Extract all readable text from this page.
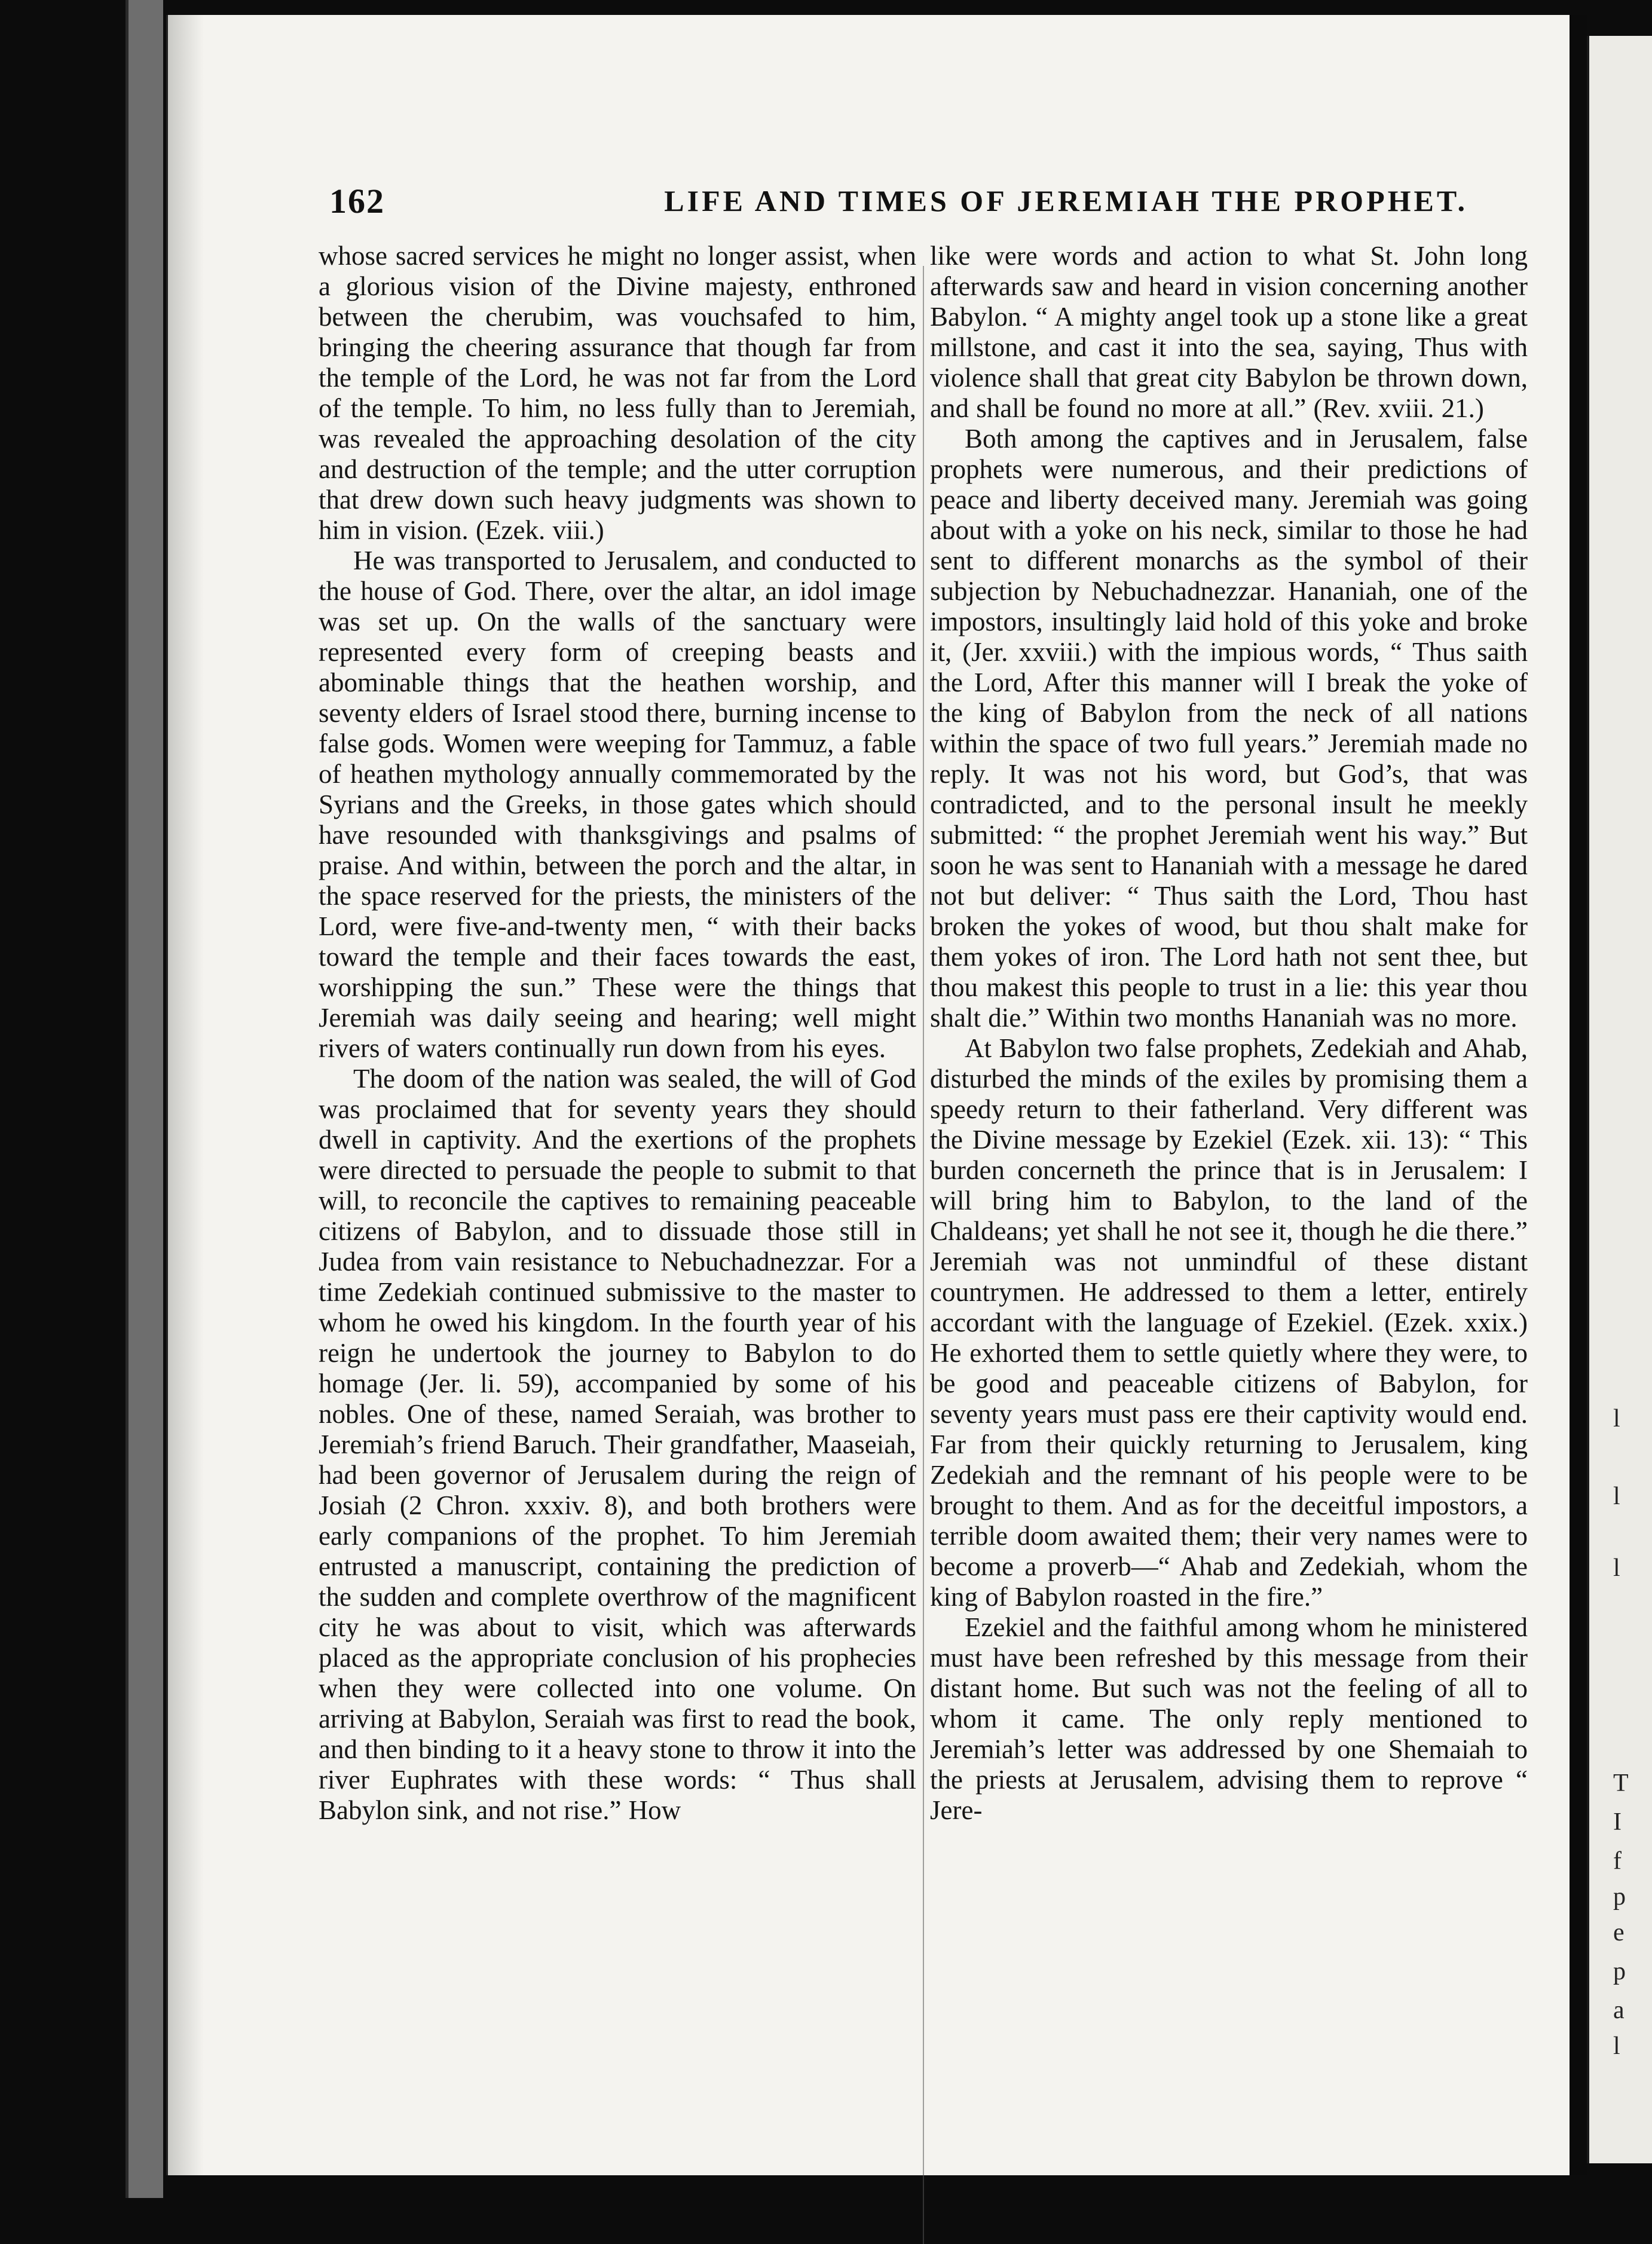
162	LIFE AND TIMES OF JEREMIAH THE PROPHET.

whose sacred services he might no longer assist, when a glorious vision of the Divine majesty, enthroned between the cherubim, was vouchsafed to him, bringing the cheering assurance that though far from the temple of the Lord, he was not far from the Lord of the temple. To him, no less fully than to Jeremiah, was revealed the approaching desolation of the city and destruction of the temple; and the utter corruption that drew down such heavy judgments was shown to him in vision. (Ezek. viii.)

He was transported to Jerusalem, and conducted to the house of God. There, over the altar, an idol image was set up. On the walls of the sanctuary were represented every form of creeping beasts and abominable things that the heathen worship, and seventy elders of Israel stood there, burning incense to false gods. Women were weeping for Tammuz, a fable of heathen mythology annually commemorated by the Syrians and the Greeks, in those gates which should have resounded with thanksgivings and psalms of praise. And within, between the porch and the altar, in the space reserved for the priests, the ministers of the Lord, were five-and-twenty men, “ with their backs toward the temple and their faces towards the east, worshipping the sun.” These were the things that Jeremiah was daily seeing and hearing; well might rivers of waters continually run down from his eyes.

The doom of the nation was sealed, the will of God was proclaimed that for seventy years they should dwell in captivity. And the exertions of the prophets were directed to persuade the people to submit to that will, to reconcile the captives to remaining peaceable citizens of Babylon, and to dissuade those still in Judea from vain resistance to Nebuchadnezzar. For a time Zedekiah continued submissive to the master to whom he owed his kingdom. In the fourth year of his reign he undertook the journey to Babylon to do homage (Jer. li. 59), accompanied by some of his nobles. One of these, named Seraiah, was brother to Jeremiah’s friend Baruch. Their grandfather, Maaseiah, had been governor of Jerusalem during the reign of Josiah (2 Chron. xxxiv. 8), and both brothers were early companions of the prophet. To him Jeremiah entrusted a manuscript, containing the prediction of the sudden and complete overthrow of the magnificent city he was about to visit, which was afterwards placed as the appropriate conclusion of his prophecies when they were collected into one volume. On arriving at Babylon, Seraiah was first to read the book, and then binding to it a heavy stone to throw it into the river Euphrates with these words: “ Thus shall Babylon sink, and not rise.” How

like were words and action to what St. John long afterwards saw and heard in vision concerning another Babylon. “ A mighty angel took up a stone like a great millstone, and cast it into the sea, saying, Thus with violence shall that great city Babylon be thrown down, and shall be found no more at all.” (Rev. xviii. 21.)

Both among the captives and in Jerusalem, false prophets were numerous, and their predictions of peace and liberty deceived many. Jeremiah was going about with a yoke on his neck, similar to those he had sent to different monarchs as the symbol of their subjection by Nebuchadnezzar. Hananiah, one of the impostors, insultingly laid hold of this yoke and broke it, (Jer. xxviii.) with the impious words, “ Thus saith the Lord, After this manner will I break the yoke of the king of Babylon from the neck of all nations within the space of two full years.” Jeremiah made no reply. It was not his word, but God’s, that was contradicted, and to the personal insult he meekly submitted: “ the prophet Jeremiah went his way.” But soon he was sent to Hananiah with a message he dared not but deliver: “ Thus saith the Lord, Thou hast broken the yokes of wood, but thou shalt make for them yokes of iron. The Lord hath not sent thee, but thou makest this people to trust in a lie: this year thou shalt die.” Within two months Hananiah was no more.

At Babylon two false prophets, Zedekiah and Ahab, disturbed the minds of the exiles by promising them a speedy return to their fatherland. Very different was the Divine message by Ezekiel (Ezek. xii. 13): “ This burden concerneth the prince that is in Jerusalem: I will bring him to Babylon, to the land of the Chaldeans; yet shall he not see it, though he die there.” Jeremiah was not unmindful of these distant countrymen. He addressed to them a letter, entirely accordant with the language of Ezekiel. (Ezek. xxix.) He exhorted them to settle quietly where they were, to be good and peaceable citizens of Babylon, for seventy years must pass ere their captivity would end. Far from their quickly returning to Jerusalem, king Zedekiah and the remnant of his people were to be brought to them. And as for the deceitful impostors, a terrible doom awaited them; their very names were to become a proverb—“ Ahab and Zedekiah, whom the king of Babylon roasted in the fire.”

Ezekiel and the faithful among whom he ministered must have been refreshed by this message from their distant home. But such was not the feeling of all to whom it came. The only reply mentioned to Jeremiah’s letter was addressed by one Shemaiah to the priests at Jerusalem, advising them to reprove “ Jere-

l
l
l
T
I
f
p
e
p
a
l
